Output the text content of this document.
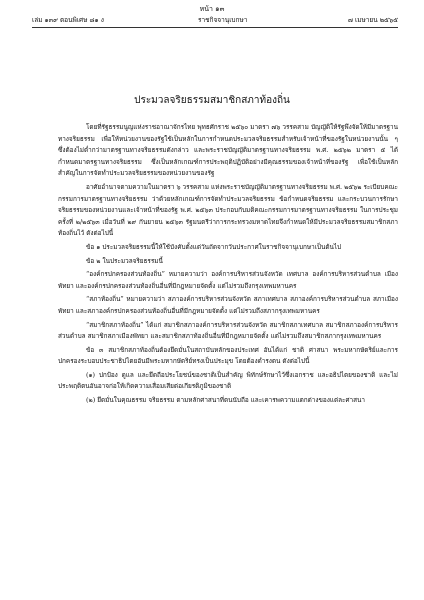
หน้า ๑๓
เล่ม ๑๓๙ ตอนพิเศษ ๘๑ ง	ราชกิจจานุเบกษา	๗ เมษายน ๒๕๖๕
ประมวลจริยธรรมสมาชิกสภาท้องถิ่น

โดยที่รัฐธรรมนูญแห่งราชอาณาจักรไทย พุทธศักราช ๒๕๖๐ มาตรา ๗๖ วรรคสาม บัญญัติให้รัฐพึงจัดให้มีมาตรฐานทางจริยธรรม เพื่อให้หน่วยงานของรัฐใช้เป็นหลักในการกำหนดประมวลจริยธรรมสำหรับเจ้าหน้าที่ของรัฐในหน่วยงานนั้น ๆ ซึ่งต้องไม่ต่ำกว่ามาตรฐานทางจริยธรรมดังกล่าว และพระราชบัญญัติมาตรฐานทางจริยธรรม พ.ศ. ๒๕๖๒ มาตรา ๕ ได้กำหนดมาตรฐานทางจริยธรรม ซึ่งเป็นหลักเกณฑ์การประพฤติปฏิบัติอย่างมีคุณธรรมของเจ้าหน้าที่ของรัฐ เพื่อใช้เป็นหลักสำคัญในการจัดทำประมวลจริยธรรมของหน่วยงานของรัฐ

อาศัยอำนาจตามความในมาตรา ๖ วรรคสาม แห่งพระราชบัญญัติมาตรฐานทางจริยธรรม พ.ศ. ๒๕๖๒ ระเบียบคณะกรรมการมาตรฐานทางจริยธรรม ว่าด้วยหลักเกณฑ์การจัดทำประมวลจริยธรรม ข้อกำหนดจริยธรรม และกระบวนการรักษาจริยธรรมของหน่วยงานและเจ้าหน้าที่ของรัฐ พ.ศ. ๒๕๖๓ ประกอบกับมติคณะกรรมการมาตรฐานทางจริยธรรม ในการประชุมครั้งที่ ๒/๒๕๖๓ เมื่อวันที่ ๒๙ กันยายน ๒๕๖๓ รัฐมนตรีว่าการกระทรวงมหาดไทยจึงกำหนดให้มีประมวลจริยธรรมสมาชิกสภาท้องถิ่นไว้ ดังต่อไปนี้

ข้อ ๑ ประมวลจริยธรรมนี้ให้ใช้บังคับตั้งแต่วันถัดจากวันประกาศในราชกิจจานุเบกษาเป็นต้นไป

ข้อ ๒ ในประมวลจริยธรรมนี้

“องค์กรปกครองส่วนท้องถิ่น” หมายความว่า องค์การบริหารส่วนจังหวัด เทศบาล องค์การบริหารส่วนตำบล เมืองพัทยา และองค์กรปกครองส่วนท้องถิ่นอื่นที่มีกฎหมายจัดตั้ง แต่ไม่รวมถึงกรุงเทพมหานคร

“สภาท้องถิ่น” หมายความว่า สภาองค์การบริหารส่วนจังหวัด สภาเทศบาล สภาองค์การบริหารส่วนตำบล สภาเมืองพัทยา และสภาองค์กรปกครองส่วนท้องถิ่นอื่นที่มีกฎหมายจัดตั้ง แต่ไม่รวมถึงสภากรุงเทพมหานคร

“สมาชิกสภาท้องถิ่น” ได้แก่ สมาชิกสภาองค์การบริหารส่วนจังหวัด สมาชิกสภาเทศบาล สมาชิกสภาองค์การบริหารส่วนตำบล สมาชิกสภาเมืองพัทยา และสมาชิกสภาท้องถิ่นอื่นที่มีกฎหมายจัดตั้ง แต่ไม่รวมถึงสมาชิกสภากรุงเทพมหานคร

ข้อ ๓ สมาชิกสภาท้องถิ่นต้องยึดมั่นในสถาบันหลักของประเทศ อันได้แก่ ชาติ ศาสนา พระมหากษัตริย์และการปกครองระบอบประชาธิปไตยอันมีพระมหากษัตริย์ทรงเป็นประมุข โดยต้องดำรงตน ดังต่อไปนี้

(๑) ปกป้อง ดูแล และยึดถือประโยชน์ของชาติเป็นสำคัญ พิทักษ์รักษาไว้ซึ่งเอกราช และอธิปไตยของชาติ และไม่ประพฤติตนอันอาจก่อให้เกิดความเสื่อมเสียต่อเกียรติภูมิของชาติ

(๒) ยึดมั่นในคุณธรรม จริยธรรม ตามหลักศาสนาที่ตนนับถือ และเคารพความแตกต่างของแต่ละศาสนา
